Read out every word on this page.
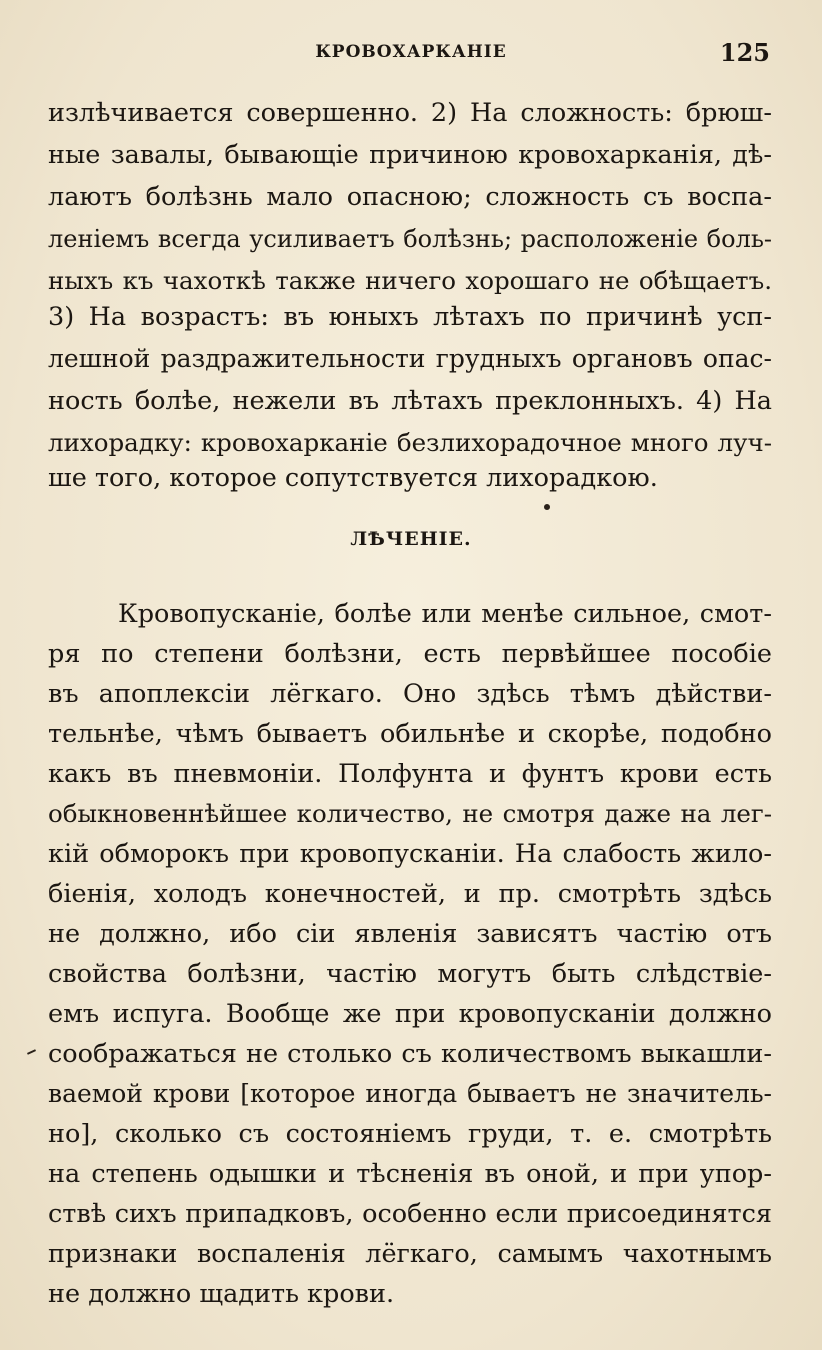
КРОВОХАРКАНІЕ	125
излѣчивается совершенно. 2) На сложность: брюш-
ные завалы, бывающіе причиною кровохарканія, дѣ-
лаютъ болѣзнь мало опасною; сложность съ воспа-
леніемъ всегда усиливаетъ болѣзнь; расположеніе боль-
ныхъ къ чахоткѣ также ничего хорошаго не обѣщаетъ.
3) На возрастъ: въ юныхъ лѣтахъ по причинѣ усп-
лешной раздражительности грудныхъ органовъ опас-
ность болѣе, нежели въ лѣтахъ преклонныхъ. 4) На
лихорадку: кровохарканіе безлихорадочное много луч-
ше того, которое сопутствуется лихорадкою.
ЛѢЧЕНІЕ.
Кровопусканіе, болѣе или менѣе сильное, смот-
ря по степени болѣзни, есть первѣйшее пособіе
въ апоплексіи лёгкаго. Оно здѣсь тѣмъ дѣйстви-
тельнѣе, чѣмъ бываетъ обильнѣе и скорѣе, подобно
какъ въ пневмоніи. Полфунта и фунтъ крови есть
обыкновеннѣйшее количество, не смотря даже на лег-
кій обморокъ при кровопусканіи. На слабость жило-
біенія, холодъ конечностей, и пр. смотрѣть здѣсь
не должно, ибо сіи явленія зависятъ частію отъ
свойства болѣзни, частію могутъ быть слѣдствіе-
емъ испуга. Вообще же при кровопусканіи должно
соображаться не столько съ количествомъ выкашли-
ваемой крови [которое иногда бываетъ не значитель-
но], сколько съ состояніемъ груди, т. е. смотрѣть
на степень одышки и тѣсненія въ оной, и при упор-
ствѣ сихъ припадковъ, особенно если присоединятся
признаки воспаленія лёгкаго, самымъ чахотнымъ
не должно щадить крови.
